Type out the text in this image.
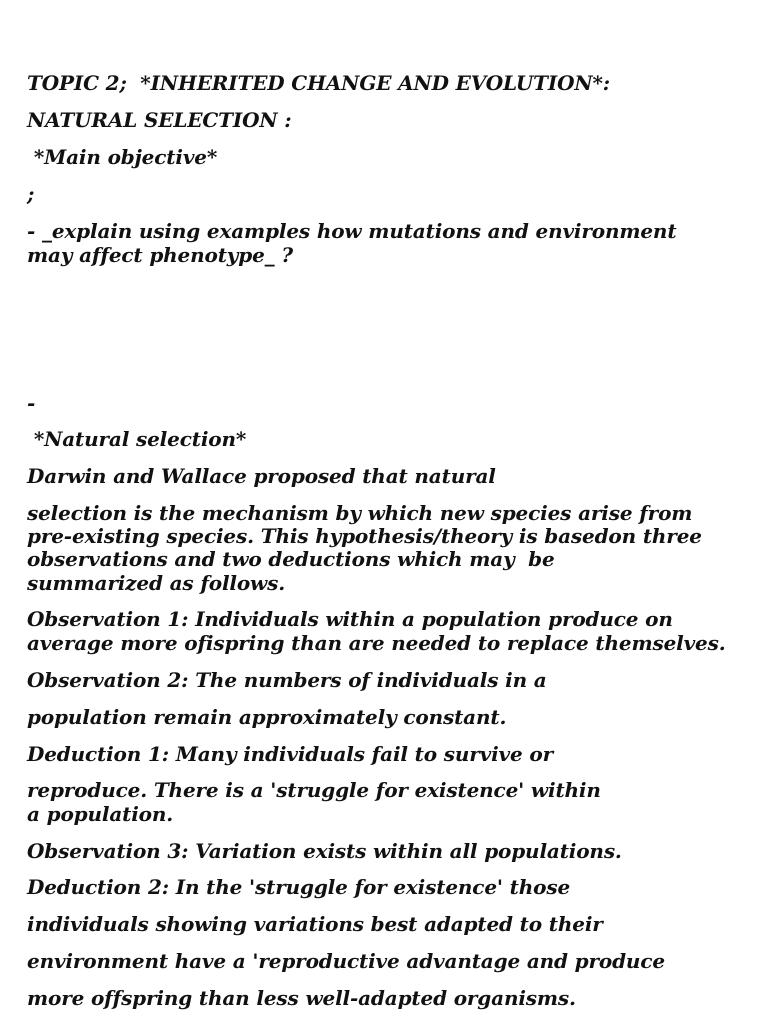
TOPIC 2;  *INHERITED CHANGE AND EVOLUTION*:

NATURAL SELECTION :

*Main objective*

;

- _explain using examples how mutations and environment

may affect phenotype_ ?

-

*Natural selection*

Darwin and Wallace proposed that natural

selection is the mechanism by which new species arise from

pre-existing species. This hypothesis/theory is basedon three

observations and two deductions which may  be

summarized as follows.

Observation 1: Individuals within a population produce on

average more ofispring than are needed to replace themselves.

Observation 2: The numbers of individuals in a

population remain approximately constant.

Deduction 1: Many individuals fail to survive or

reproduce. There is a 'struggle for existence' within

a population.

Observation 3: Variation exists within all populations.

Deduction 2: In the 'struggle for existence' those

individuals showing variations best adapted to their

environment have a 'reproductive advantage and produce

more offspring than less well-adapted organisms.
